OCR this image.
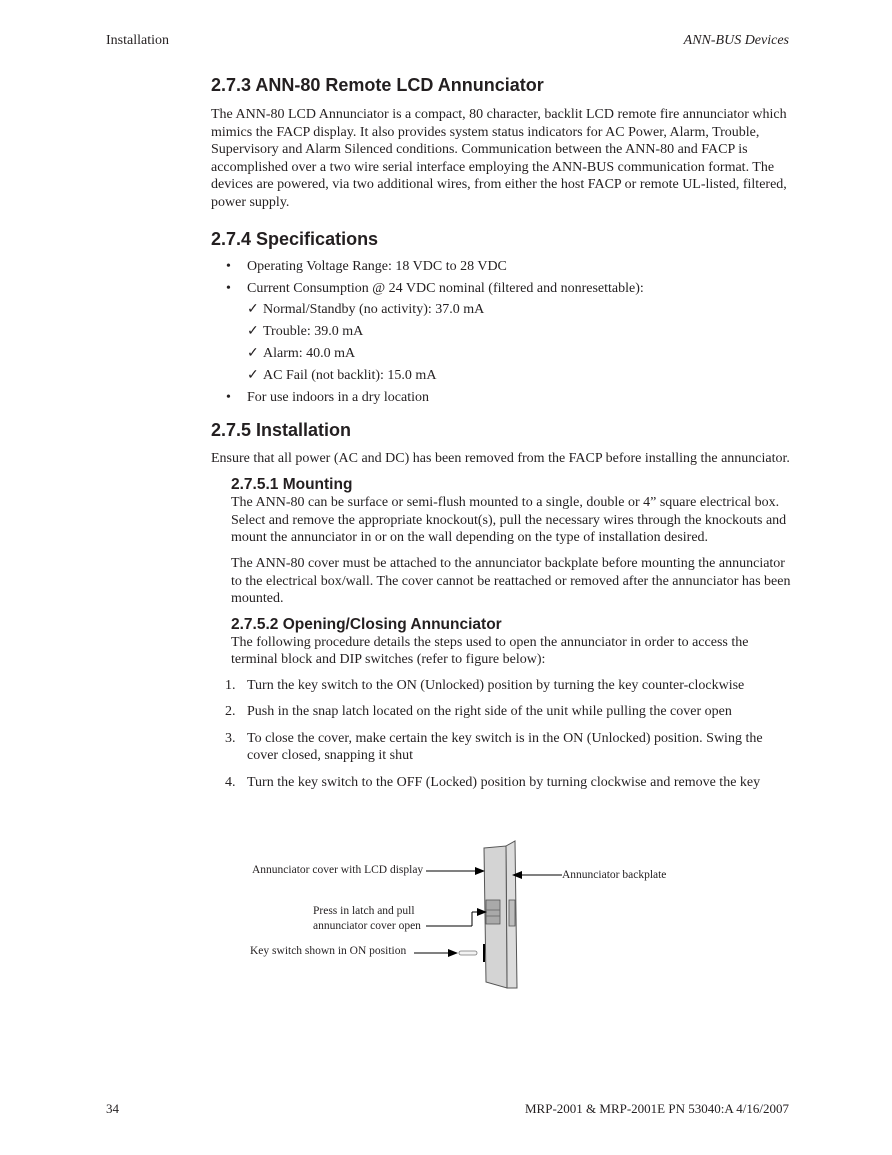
Installation	ANN-BUS Devices
2.7.3 ANN-80 Remote LCD Annunciator

The ANN-80 LCD Annunciator is a compact, 80 character, backlit LCD remote fire annunciator which mimics the FACP display. It also provides system status indicators for AC Power, Alarm, Trouble, Supervisory and Alarm Silenced conditions. Communication between the ANN-80 and FACP is accomplished over a two wire serial interface employing the ANN-BUS communication format. The devices are powered, via two additional wires, from either the host FACP or remote UL-listed, filtered, power supply.

2.7.4 Specifications
• Operating Voltage Range: 18 VDC to 28 VDC
• Current Consumption @ 24 VDC nominal (filtered and nonresettable):
✓ Normal/Standby (no activity): 37.0 mA
✓ Trouble: 39.0 mA
✓ Alarm: 40.0 mA
✓ AC Fail (not backlit): 15.0 mA
• For use indoors in a dry location
2.7.5 Installation

Ensure that all power (AC and DC) has been removed from the FACP before installing the annunciator.

2.7.5.1 Mounting

The ANN-80 can be surface or semi-flush mounted to a single, double or 4” square electrical box. Select and remove the appropriate knockout(s), pull the necessary wires through the knockouts and mount the annunciator in or on the wall depending on the type of installation desired.

The ANN-80 cover must be attached to the annunciator backplate before mounting the annunciator to the electrical box/wall. The cover cannot be reattached or removed after the annunciator has been mounted.

2.7.5.2 Opening/Closing Annunciator

The following procedure details the steps used to open the annunciator in order to access the terminal block and DIP switches (refer to figure below):

1. Turn the key switch to the ON (Unlocked) position by turning the key counter-clockwise
2. Push in the snap latch located on the right side of the unit while pulling the cover open
3. To close the cover, make certain the key switch is in the ON (Unlocked) position. Swing the cover closed, snapping it shut
4. Turn the key switch to the OFF (Locked) position by turning clockwise and remove the key
Annunciator cover with LCD display	Annunciator backplate
Press in latch and pull
annunciator cover open
Key switch shown in ON position
34	MRP-2001 & MRP-2001E PN 53040:A 4/16/2007
